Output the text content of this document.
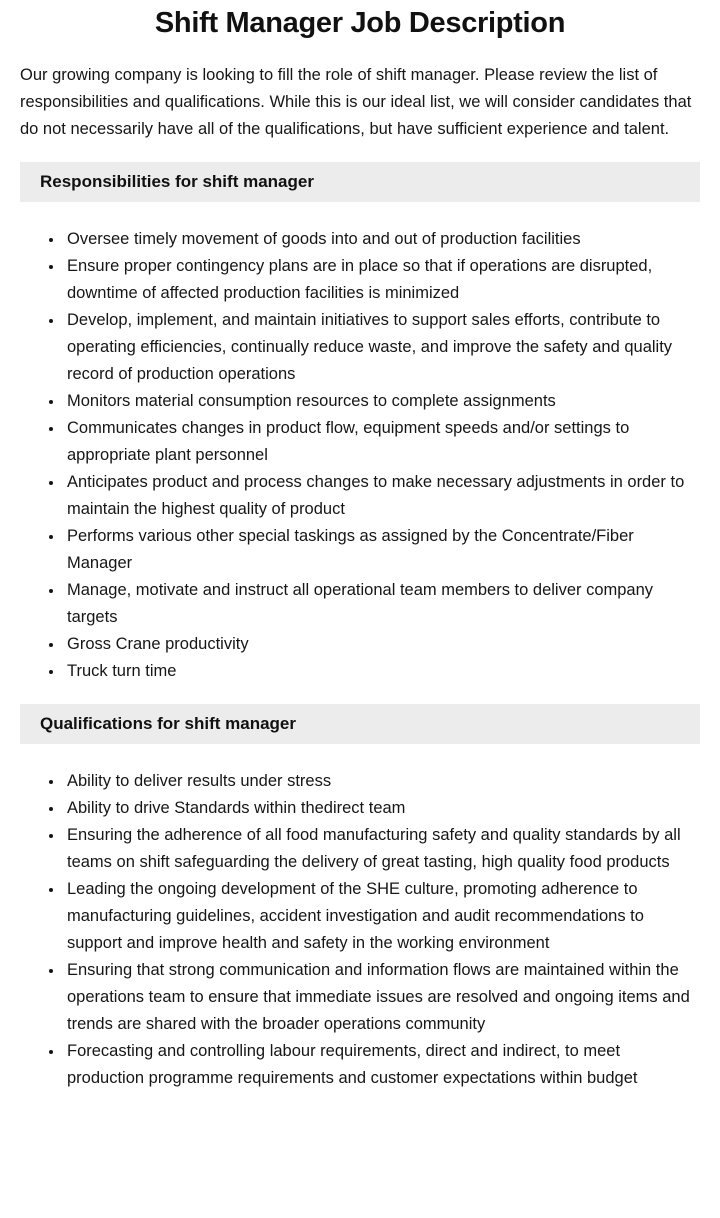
Shift Manager Job Description

Our growing company is looking to fill the role of shift manager. Please review the list of responsibilities and qualifications. While this is our ideal list, we will consider candidates that do not necessarily have all of the qualifications, but have sufficient experience and talent.

Responsibilities for shift manager
• Oversee timely movement of goods into and out of production facilities
• Ensure proper contingency plans are in place so that if operations are disrupted, downtime of affected production facilities is minimized
• Develop, implement, and maintain initiatives to support sales efforts, contribute to operating efficiencies, continually reduce waste, and improve the safety and quality record of production operations
• Monitors material consumption resources to complete assignments
• Communicates changes in product flow, equipment speeds and/or settings to appropriate plant personnel
• Anticipates product and process changes to make necessary adjustments in order to maintain the highest quality of product
• Performs various other special taskings as assigned by the Concentrate/Fiber Manager
• Manage, motivate and instruct all operational team members to deliver company targets
• Gross Crane productivity
• Truck turn time
Qualifications for shift manager
• Ability to deliver results under stress
• Ability to drive Standards within thedirect team
• Ensuring the adherence of all food manufacturing safety and quality standards by all teams on shift safeguarding the delivery of great tasting, high quality food products
• Leading the ongoing development of the SHE culture, promoting adherence to manufacturing guidelines, accident investigation and audit recommendations to support and improve health and safety in the working environment
• Ensuring that strong communication and information flows are maintained within the operations team to ensure that immediate issues are resolved and ongoing items and trends are shared with the broader operations community
• Forecasting and controlling labour requirements, direct and indirect, to meet production programme requirements and customer expectations within budget
